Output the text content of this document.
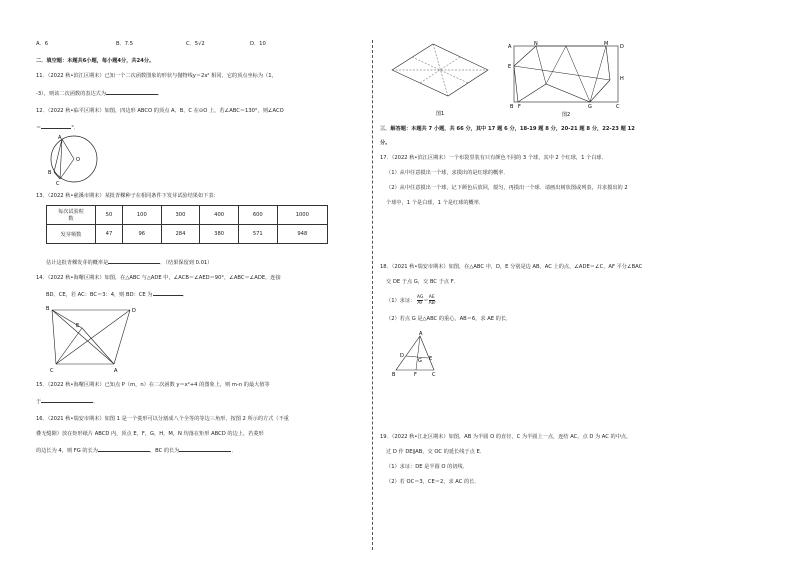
A．6	B．7.5	C．5√2	D．10
二．填空题：本题共6小题，每小题4分，共24分。
11．（2022 秋•滨江区期末）已知一个二次函数图象的形状与抛物线y＝2x² 相同，它的顶点坐标为（1，
-3），则该二次函数的表达式为	．
12．（2022 秋•临平区期末）如图，四边形 ABCO 的顶点 A、B、C 在⊙O 上，若∠ABC＝130°，则∠ACO
＝	°．
A
B
C
O
13．（2022 秋•慈溪市期末）某批青稞种子在相同条件下发芽试验结果如下表：
每次试验粒
数	50	100	300	400	600	1000
发芽频数	47	96	284	380	571	948
估计这批青稞发芽的概率是	．（结果保留到 0.01）
14．（2022 秋•海曙区期末）如图，在△ABC 与△ADE 中，∠ACB＝∠AED＝90°，∠ABC＝∠ADE，连接
BD、CE，若 AC：BC＝3：4，则 BD：CE 为	．
B	D
E
C	A
15．（2022 秋•海曙区期末）已知点 P（m，n）在二次函数 y＝x²+4 的图象上，则 m-n 的最大值等
于	．
16．（2021 秋•瑞安市期末）如图 1 是一个菱形可以分割成八个全等的等边三角形，按图 2 所示的方式（不重
叠无缝隙）放在矩形纸片 ABCD 内，顶点 E，F，G，H，M，N 均落在矩形 ABCD 的边上，若菱形
的边长为 4，则 FG 的长为	，BC 的长为	．
图1
A	N	M D
E
H
B F	G	C
图2
三．解答题：本题共 7 小题，共 66 分，其中 17 题 6 分，18-19 题 8 分，20-21 题 8 分，22-23 题 12
分。
17．（2022 秋•滨江区期末）一个布袋里装有只有颜色不同的 3 个球，其中 2 个红球，1 个白球．
（1）从中任意摸出一个球，求摸出的是红球的概率．
（2）从中任意摸出一个球，记下颜色后放回，搅匀，再摸出一个球．请画出树状图或列表，并求摸出的 2
个球中，1 个是白球，1 个是红球的概率．
18．（2021 秋•瑞安市期末）如图，在△ABC 中，D，E 分别是边 AB，AC 上的点，∠ADE＝∠C，AF 平分∠BAC
交 DE 于点 G，交 BC 于点 F．
（1）求证： $\frac{AG}{AF} = \frac{AE}{AB}$ ．
（2）若点 G 是△ABC 的重心，AB＝6，求 AE 的长．
A
D	E
G
B	F	C
19．（2022 秋•江北区期末）如图，AB 为半圆 O 的直径，C 为半圆上一点，连结 AC，点 D 为 AC 的中点，
过 D 作 DE∥AB，交 OC 的延长线于点 E．
（1）求证：DE 是半圆 O 的切线．
（2）若 OC＝3，CE＝2，求 AC 的长．
